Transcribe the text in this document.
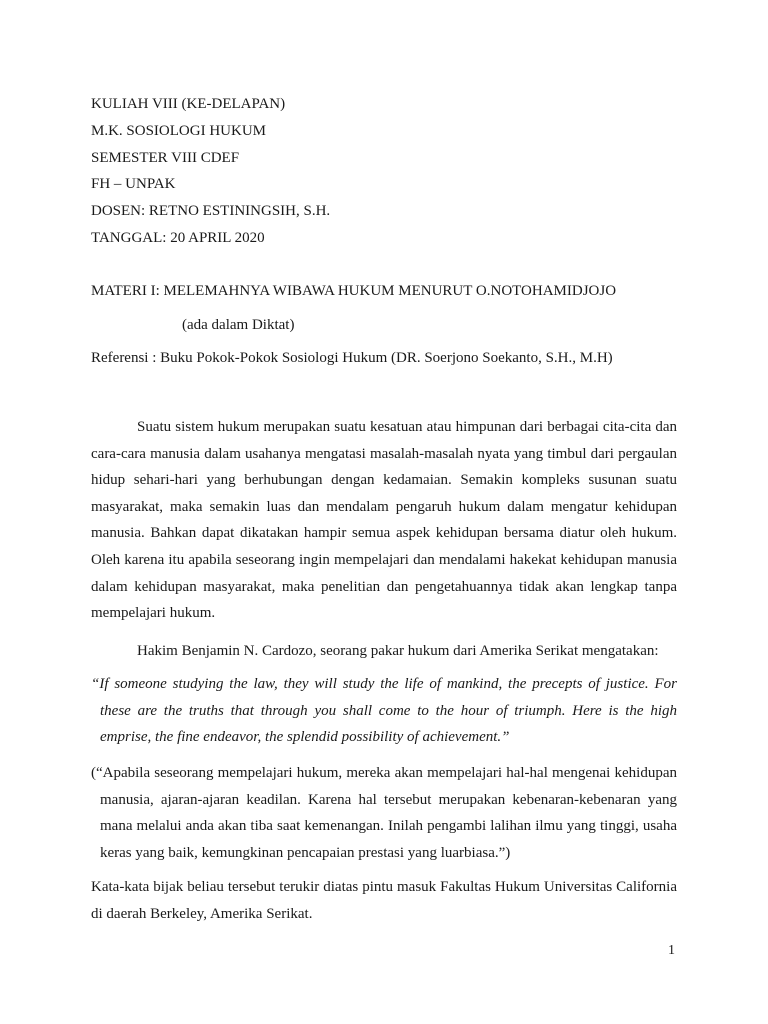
KULIAH VIII (KE-DELAPAN)
M.K. SOSIOLOGI HUKUM
SEMESTER VIII CDEF
FH – UNPAK
DOSEN: RETNO ESTININGSIH, S.H.
TANGGAL: 20 APRIL 2020
MATERI I: MELEMAHNYA WIBAWA HUKUM MENURUT O.NOTOHAMIDJOJO
(ada dalam Diktat)
Referensi : Buku Pokok-Pokok Sosiologi Hukum (DR. Soerjono Soekanto, S.H., M.H)

Suatu sistem hukum merupakan suatu kesatuan atau himpunan dari berbagai cita-cita dan cara-cara manusia dalam usahanya mengatasi masalah-masalah nyata yang timbul dari pergaulan hidup sehari-hari yang berhubungan dengan kedamaian. Semakin kompleks susunan suatu masyarakat, maka semakin luas dan mendalam pengaruh hukum dalam mengatur kehidupan manusia. Bahkan dapat dikatakan hampir semua aspek kehidupan bersama diatur oleh hukum. Oleh karena itu apabila seseorang ingin mempelajari dan mendalami hakekat kehidupan manusia dalam kehidupan masyarakat, maka penelitian dan pengetahuannya tidak akan lengkap tanpa mempelajari hukum.

Hakim Benjamin N. Cardozo, seorang pakar hukum dari Amerika Serikat mengatakan:

“If someone studying the law, they will study the life of mankind, the precepts of justice. For these are the truths that through you shall come to the hour of triumph. Here is the high emprise, the fine endeavor, the splendid possibility of achievement.”

(“Apabila seseorang mempelajari hukum, mereka akan mempelajari hal-hal mengenai kehidupan manusia, ajaran-ajaran keadilan. Karena hal tersebut merupakan kebenaran-kebenaran yang mana melalui anda akan tiba saat kemenangan. Inilah pengambi lalihan ilmu yang tinggi, usaha keras yang baik, kemungkinan pencapaian prestasi yang luarbiasa.”)

Kata-kata bijak beliau tersebut terukir diatas pintu masuk Fakultas Hukum Universitas California di daerah Berkeley, Amerika Serikat.

1
